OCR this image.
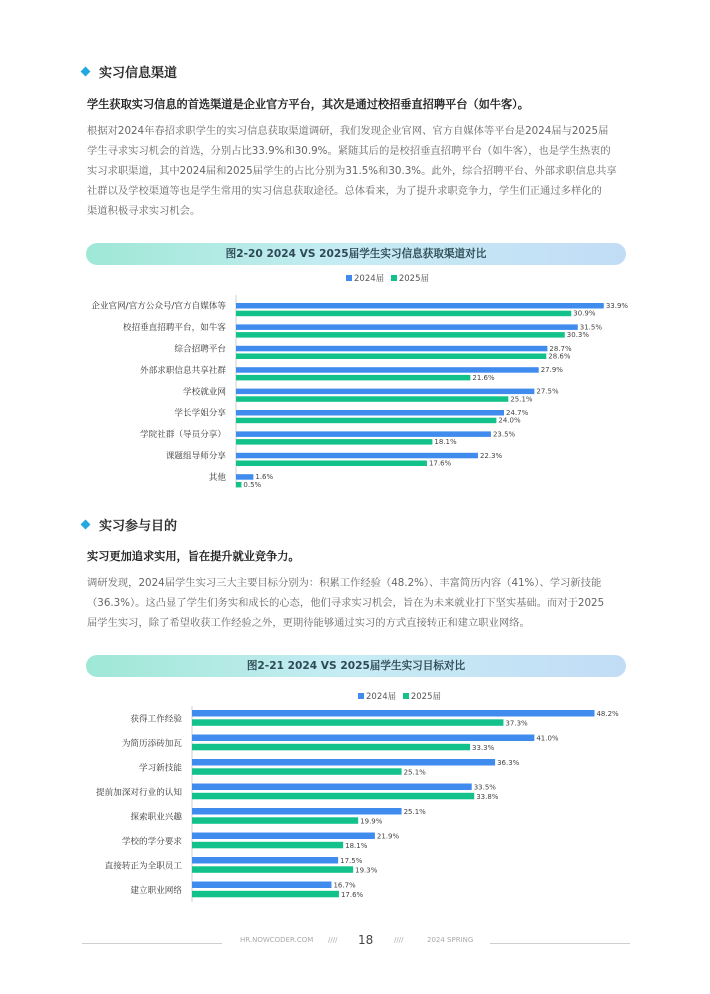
实习信息渠道
学生获取实习信息的首选渠道是企业官方平台，其次是通过校招垂直招聘平台（如牛客）。
根据对2024年春招求职学生的实习信息获取渠道调研，我们发现企业官网、官方自媒体等平台是2024届与2025届
学生寻求实习机会的首选，分别占比33.9%和30.9%。紧随其后的是校招垂直招聘平台（如牛客），也是学生热衷的
实习求职渠道，其中2024届和2025届学生的占比分别为31.5%和30.3%。此外，综合招聘平台、外部求职信息共享
社群以及学校渠道等也是学生常用的实习信息获取途径。总体看来，为了提升求职竞争力，学生们正通过多样化的
渠道积极寻求实习机会。
图2-20 2024 VS 2025届学生实习信息获取渠道对比
2024届 2025届
企业官网/官方公众号/官方自媒体等	33.9%
30.9%
校招垂直招聘平台，如牛客	31.5%
30.3%
综合招聘平台	28.7%
28.6%
外部求职信息共享社群	27.9%
21.6%
学校就业网	27.5%
25.1%
学长学姐分享	24.7%
24.0%
学院社群（导员分享）	23.5%
18.1%
课题组导师分享	22.3%
17.6%
其他	1.6%
0.5%
实习参与目的
实习更加追求实用，旨在提升就业竞争力。
调研发现，2024届学生实习三大主要目标分别为：积累工作经验（48.2%）、丰富简历内容（41%）、学习新技能
（36.3%）。这凸显了学生们务实和成长的心态，他们寻求实习机会，旨在为未来就业打下坚实基础。而对于2025
届学生实习，除了希望收获工作经验之外，更期待能够通过实习的方式直接转正和建立职业网络。
图2-21 2024 VS 2025届学生实习目标对比
2024届 2025届
获得工作经验
48.2%
37.3%
为简历添砖加瓦
41.0%
33.3%
学习新技能
36.3%
25.1%
提前加深对行业的认知
33.5%
33.8%
探索职业兴趣
25.1%
19.9%
学校的学分要求
21.9%
18.1%
直接转正为全职员工
17.5%
19.3%
建立职业网络
16.7%
17.6%
HR.NOWCODER.COM //// 18	////	2024 SPRING
